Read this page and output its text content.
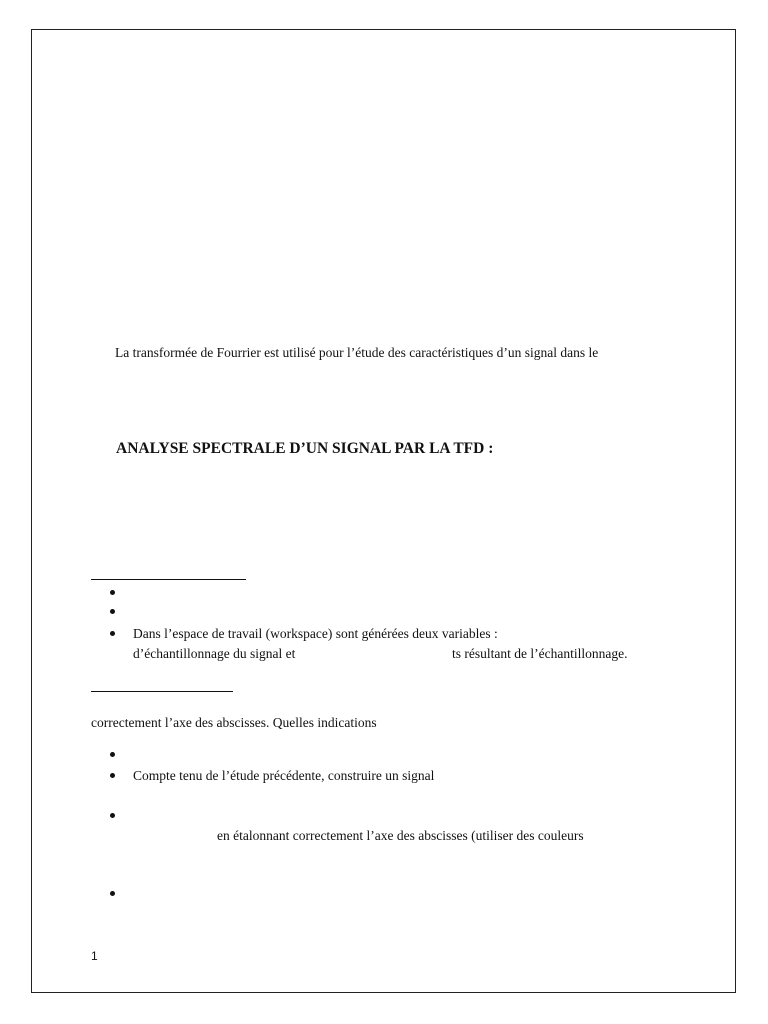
La transformée de Fourrier est utilisé pour l’étude des caractéristiques d’un signal dans le
ANALYSE SPECTRALE D’UN SIGNAL PAR LA TFD :
Dans l’espace de travail (workspace) sont générées deux variables :
d’échantillonnage du signal et	ts résultant de l’échantillonnage.
correctement l’axe des abscisses. Quelles indications
Compte tenu de l’étude précédente, construire un signal
en étalonnant correctement l’axe des abscisses (utiliser des couleurs
1
